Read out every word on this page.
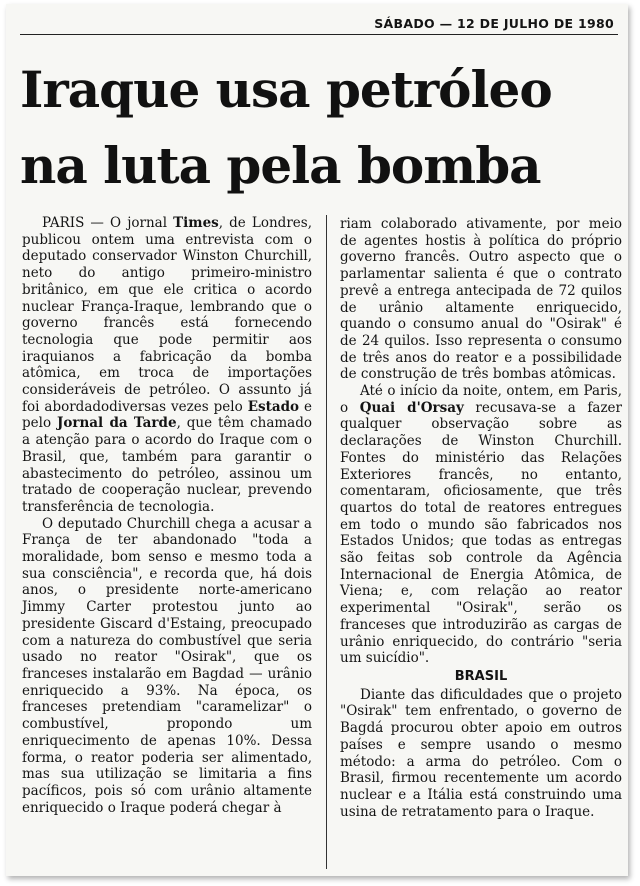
SÁBADO — 12 DE JULHO DE 1980
Iraque usa petróleo
na luta pela bomba

PARIS — O jornal Times, de Londres, publicou ontem uma entrevista com o deputado conservador Winston Churchill, neto do antigo primeiro-ministro britânico, em que ele critica o acordo nuclear França-Iraque, lembrando que o governo francês está fornecendo tecnologia que pode permitir aos iraquianos a fabricação da bomba atômica, em troca de importações consideráveis de petróleo. O assunto já foi abordadodiversas vezes pelo Estado e pelo Jornal da Tarde, que têm chamado a atenção para o acordo do Iraque com o Brasil, que, também para garantir o abastecimento do petróleo, assinou um tratado de cooperação nuclear, prevendo transferência de tecnologia.

O deputado Churchill chega a acusar a França de ter abandonado "toda a moralidade, bom senso e mesmo toda a sua consciência", e recorda que, há dois anos, o presidente norte-americano Jimmy Carter protestou junto ao presidente Giscard d'Estaing, preocupado com a natureza do combustível que seria usado no reator "Osirak", que os franceses instalarão em Bagdad — urânio enriquecido a 93%. Na época, os franceses pretendiam "caramelizar" o combustível, propondo um enriquecimento de apenas 10%. Dessa forma, o reator poderia ser alimentado, mas sua utilização se limitaria a fins pacíficos, pois só com urânio altamente enriquecido o Iraque poderá chegar à

riam colaborado ativamente, por meio de agentes hostis à política do próprio governo francês. Outro aspecto que o parlamentar salienta é que o contrato prevê a entrega antecipada de 72 quilos de urânio altamente enriquecido, quando o consumo anual do "Osirak" é de 24 quilos. Isso representa o consumo de três anos do reator e a possibilidade de construção de três bombas atômicas.

Até o início da noite, ontem, em Paris, o Quai d'Orsay recusava-se a fazer qualquer observação sobre as declarações de Winston Churchill. Fontes do ministério das Relações Exteriores francês, no entanto, comentaram, oficiosamente, que três quartos do total de reatores entregues em todo o mundo são fabricados nos Estados Unidos; que todas as entregas são feitas sob controle da Agência Internacional de Energia Atômica, de Viena; e, com relação ao reator experimental "Osirak", serão os franceses que introduzirão as cargas de urânio enriquecido, do contrário "seria um suicídio".

BRASIL

Diante das dificuldades que o projeto "Osirak" tem enfrentado, o governo de Bagdá procurou obter apoio em outros países e sempre usando o mesmo método: a arma do petróleo. Com o Brasil, firmou recentemente um acordo nuclear e a Itália está construindo uma usina de retratamento para o Iraque.
